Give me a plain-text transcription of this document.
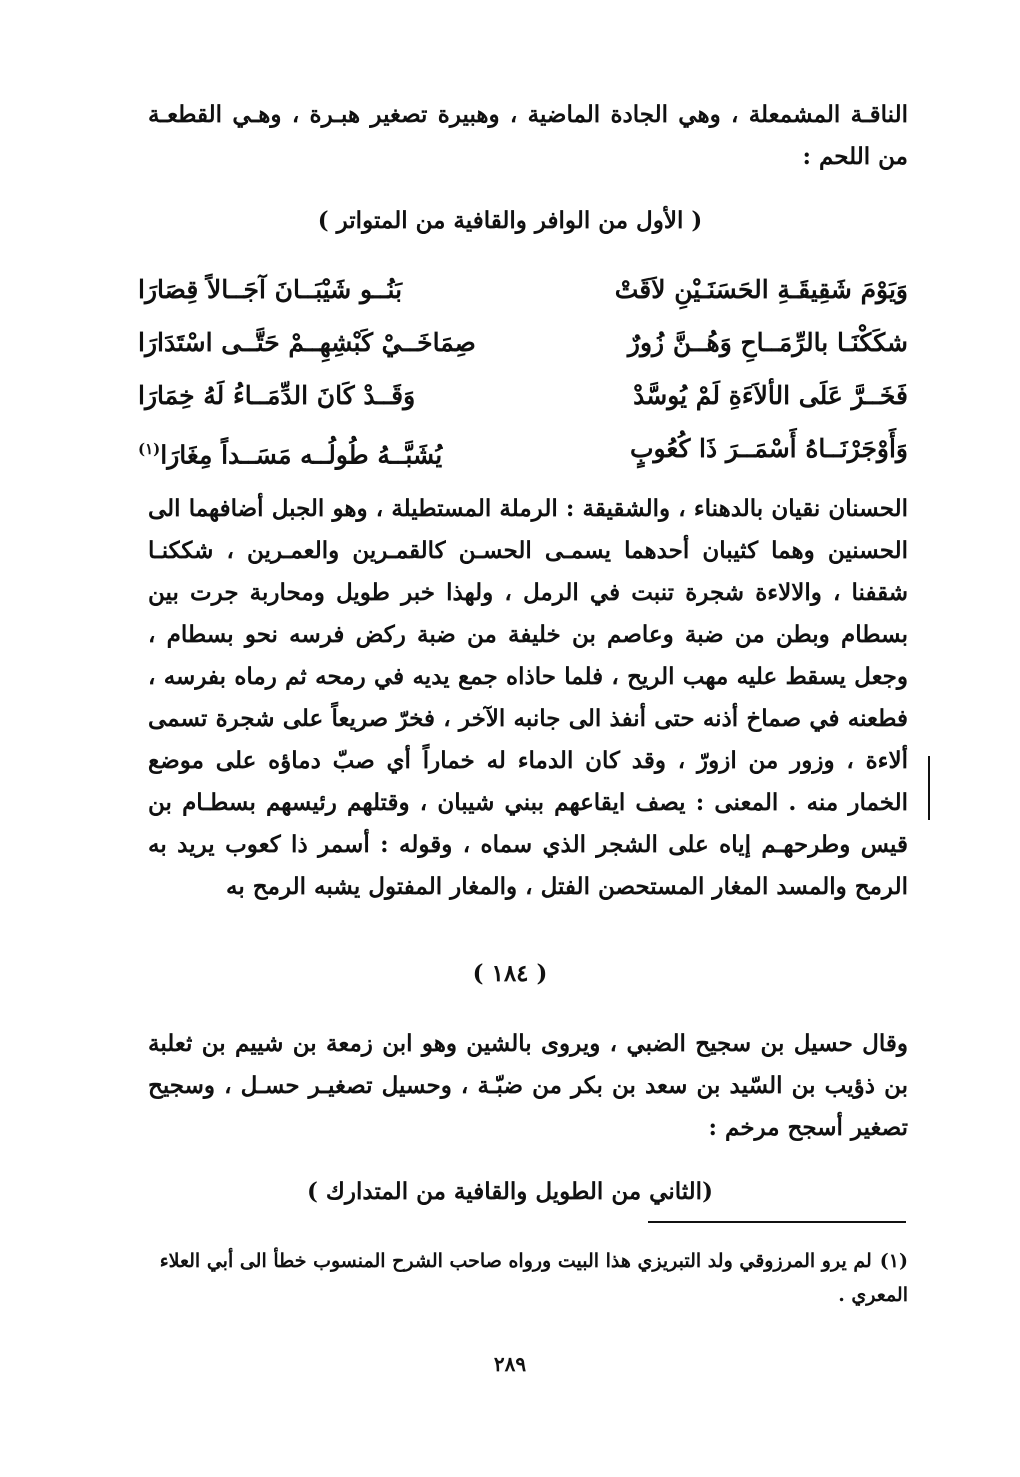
الناقـة المشمعلة ، وهي الجادة الماضية ، وهبيرة تصغير هبـرة ، وهـي القطعـة من اللحم :
( الأول من الوافر والقافية من المتواتر )
وَيَوْمَ شَقِيقَـةِ الحَسَنَـيْنِ لاَقَتْ
بَنُــو شَيْبَــانَ آجَــالاً قِصَارَا
شكَكْنَـا بالرِّمَــاحِ وَهُــنَّ زُورٌ
صِمَاخَــيْ كَبْشِهِــمْ حَتَّــى اسْتَدَارَا
فَخَــرَّ عَلَى الألاَءَةِ لَمْ يُوسَّدْ
وَقَــدْ كَانَ الدِّمَــاءُ لَهُ خِمَارَا
وَأَوْجَرْنَــاهُ أَسْمَــرَ ذَا كُعُوبٍ
يُشَبَّــهُ طُولُــه مَسَــداً مِغَارَا$^{(١)}$
الحسنان نقيان بالدهناء ، والشقيقة : الرملة المستطيلة ، وهو الجبل أضافهما الى الحسنين وهما كثيبان أحدهما يسمـى الحسـن كالقمـرين والعمـرين ، شككنـا شقفنا ، والالاءة شجرة تنبت في الرمل ، ولهذا خبر طويل ومحاربة جرت بين بسطام وبطن من ضبة وعاصم بن خليفة من ضبة ركض فرسه نحو بسطام ، وجعل يسقط عليه مهب الريح ، فلما حاذاه جمع يديه في رمحه ثم رماه بفرسه ، فطعنه في صماخ أذنه حتى أنفذ الى جانبه الآخر ، فخرّ صريعاً على شجرة تسمى ألاءة ، وزور من ازورّ ، وقد كان الدماء له خماراً أي صبّ دماؤه على موضع الخمار منه . المعنى : يصف ايقاعهم ببني شيبان ، وقتلهم رئيسهم بسطـام بن قيس وطرحهـم إياه على الشجر الذي سماه ، وقوله : أسمر ذا كعوب يريد به الرمح والمسد المغار المستحصن الفتل ، والمغار المفتول يشبه الرمح به
( ١٨٤ )
وقال حسيل بن سجيح الضبي ، ويروى بالشين وهو ابن زمعة بن شييم بن ثعلبة بن ذؤيب بن السّيد بن سعد بن بكر من ضبّـة ، وحسيل تصغيـر حسـل ، وسجيح تصغير أسجح مرخم :
(الثاني من الطويل والقافية من المتدارك )
(١)لم يرو المرزوقي ولد التبريزي هذا البيت ورواه صاحب الشرح المنسوب خطأ الى أبي العلاء المعري .
٢٨٩
